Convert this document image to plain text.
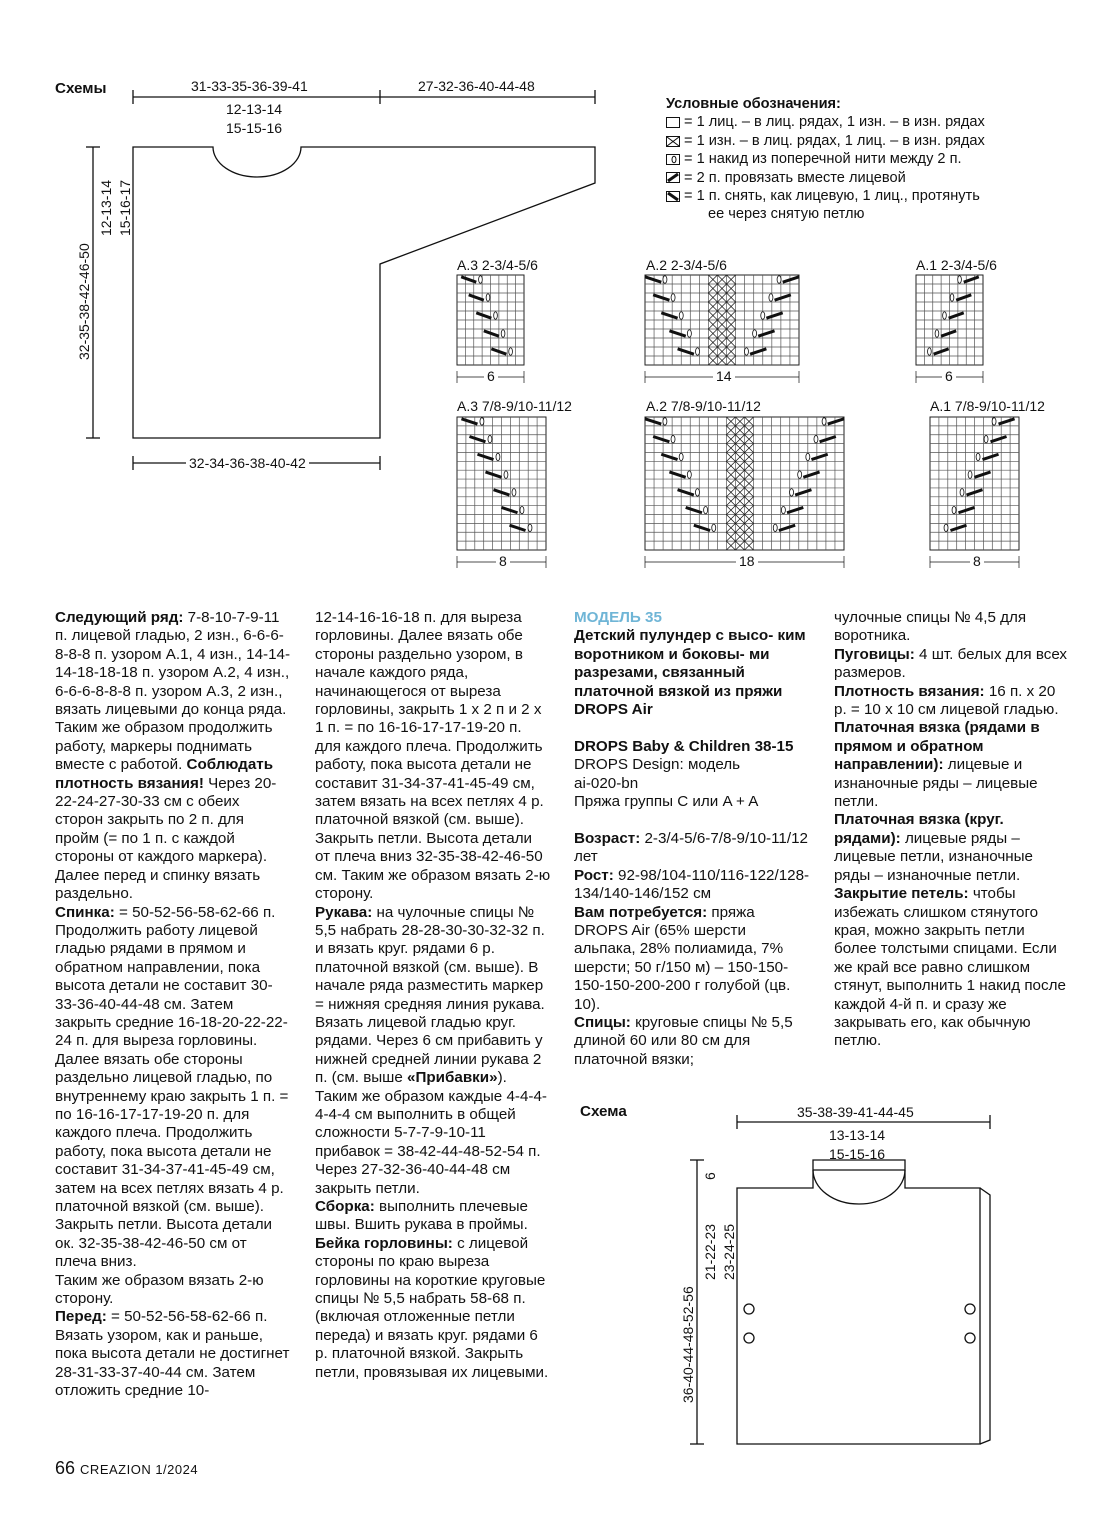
Схемы	31-33-35-36-39-41	27-32-36-40-44-48
12-13-14
15-15-16
12-13-14 15-16-17
32-35-38-42-46-50
32-34-36-38-40-42
Условные обозначения:
= 1 лиц. – в лиц. рядах, 1 изн. – в изн. рядах
= 1 изн. – в лиц. рядах, 1 лиц. – в изн. рядах
= 1 накид из поперечной нити между 2 п.
= 2 п. провязать вместе лицевой
= 1 п. снять, как лицевую, 1 лиц., протянуть
ее через снятую петлю
A.3 2-3/4-5/6	A.2 2-3/4-5/6	A.1 2-3/4-5/6
6	14	6
A.3 7/8-9/10-11/12	A.2 7/8-9/10-11/12	A.1 7/8-9/10-11/12
8	18	8

Следующий ряд: 7-8-10-7-9-11 п. лицевой гладью, 2 изн., 6-6-6-8-8-8 п. узором A.1, 4 изн., 14-14-14-18-18-18 п. узором A.2, 4 изн., 6-6-6-8-8-8 п. узором A.3, 2 изн., вязать лицевыми до конца ряда. Таким же образом продолжить работу, маркеры поднимать вместе с работой. Соблюдать плотность вязания! Через 20-22-24-27-30-33 см с обеих сторон закрыть по 2 п. для пройм (= по 1 п. с каждой стороны от каждого маркера). Далее перед и спинку вязать раздельно.

Спинка: = 50-52-56-58-62-66 п. Продолжить работу лицевой гладью рядами в прямом и обратном направлении, пока высота детали не составит 30-33-36-40-44-48 см. Затем закрыть средние 16-18-20-22-22-24 п. для выреза горловины. Далее вязать обе стороны раздельно лицевой гладью, по внутреннему краю закрыть 1 п. = по 16-16-17-17-19-20 п. для каждого плеча. Продолжить работу, пока высота детали не составит 31-34-37-41-45-49 см, затем на всех петлях вязать 4 р. платочной вязкой (см. выше).

Закрыть петли. Высота детали ок. 32-35-38-42-46-50 см от плеча вниз.

Таким же образом вязать 2-ю сторону.

Перед: = 50-52-56-58-62-66 п. Вязать узором, как и раньше, пока высота детали не достигнет 28-31-33-37-40-44 см. Затем отложить средние 10-

12-14-16-16-18 п. для выреза горловины. Далее вязать обе стороны раздельно узором, в начале каждого ряда, начинающегося от выреза горловины, закрыть 1 х 2 п и 2 х 1 п. = по 16-16-17-17-19-20 п. для каждого плеча. Продолжить работу, пока высота детали не составит 31-34-37-41-45-49 см, затем вязать на всех петлях 4 р. платочной вязкой (см. выше). Закрыть петли. Высота детали от плеча вниз 32-35-38-42-46-50 см. Таким же образом вязать 2-ю сторону.

Рукава: на чулочные спицы № 5,5 набрать 28-28-30-30-32-32 п. и вязать круг. рядами 6 р. платочной вязкой (см. выше). В начале ряда разместить маркер = нижняя средняя линия рукава. Вязать лицевой гладью круг. рядами. Через 6 см прибавить у нижней средней линии рукава 2 п. (см. выше «Прибавки»). Таким же образом каждые 4-4-4-4-4-4 см выполнить в общей сложности 5-7-7-9-10-11 прибавок = 38-42-44-48-52-54 п.

Через 27-32-36-40-44-48 см закрыть петли.

Сборка: выполнить плечевые швы. Вшить рукава в проймы.

Бейка горловины: с лицевой стороны по краю выреза горловины на короткие круговые спицы № 5,5 набрать 58-68 п. (включая отложенные петли переда) и вязать круг. рядами 6 р. платочной вязкой. Закрыть петли, провязывая их лицевыми.

МОДЕЛЬ 35

Детский пулундер с высо- ким воротником и боковы- ми разрезами, связанный платочной вязкой из пряжи DROPS Air

DROPS Baby & Children 38-15

DROPS Design: модель

ai-020-bn

Пряжа группы C или A + A

Возраст: 2-3/4-5/6-7/8-9/10-11/12 лет

Рост: 92-98/104-110/116-122/128-134/140-146/152 см

Вам потребуется: пряжа DROPS Air (65% шерсти альпака, 28% полиамида, 7% шерсти; 50 г/150 м) – 150-150-150-150-200-200 г голубой (цв. 10).

Спицы: круговые спицы № 5,5 длиной 60 или 80 см для платочной вязки;

чулочные спицы № 4,5 для воротника.

Пуговицы: 4 шт. белых для всех размеров.

Плотность вязания: 16 п. х 20 р. = 10 х 10 см лицевой гладью.

Платочная вязка (рядами в прямом и обратном направлении): лицевые и изнаночные ряды – лицевые петли.

Платочная вязка (круг. рядами): лицевые ряды – лицевые петли, изнаночные ряды – изнаночные петли.

Закрытие петель: чтобы избежать слишком стянутого края, можно закрыть петли более толстыми спицами. Если же край все равно слишком стянут, выполнить 1 накид после каждой 4-й п. и сразу же закрывать его, как обычную петлю.

Схема	35-38-39-41-44-45
13-13-14
15-15-16
6
21-22-23 23-24-25
36-40-44-48-52-56
66 CREAZION 1/2024
